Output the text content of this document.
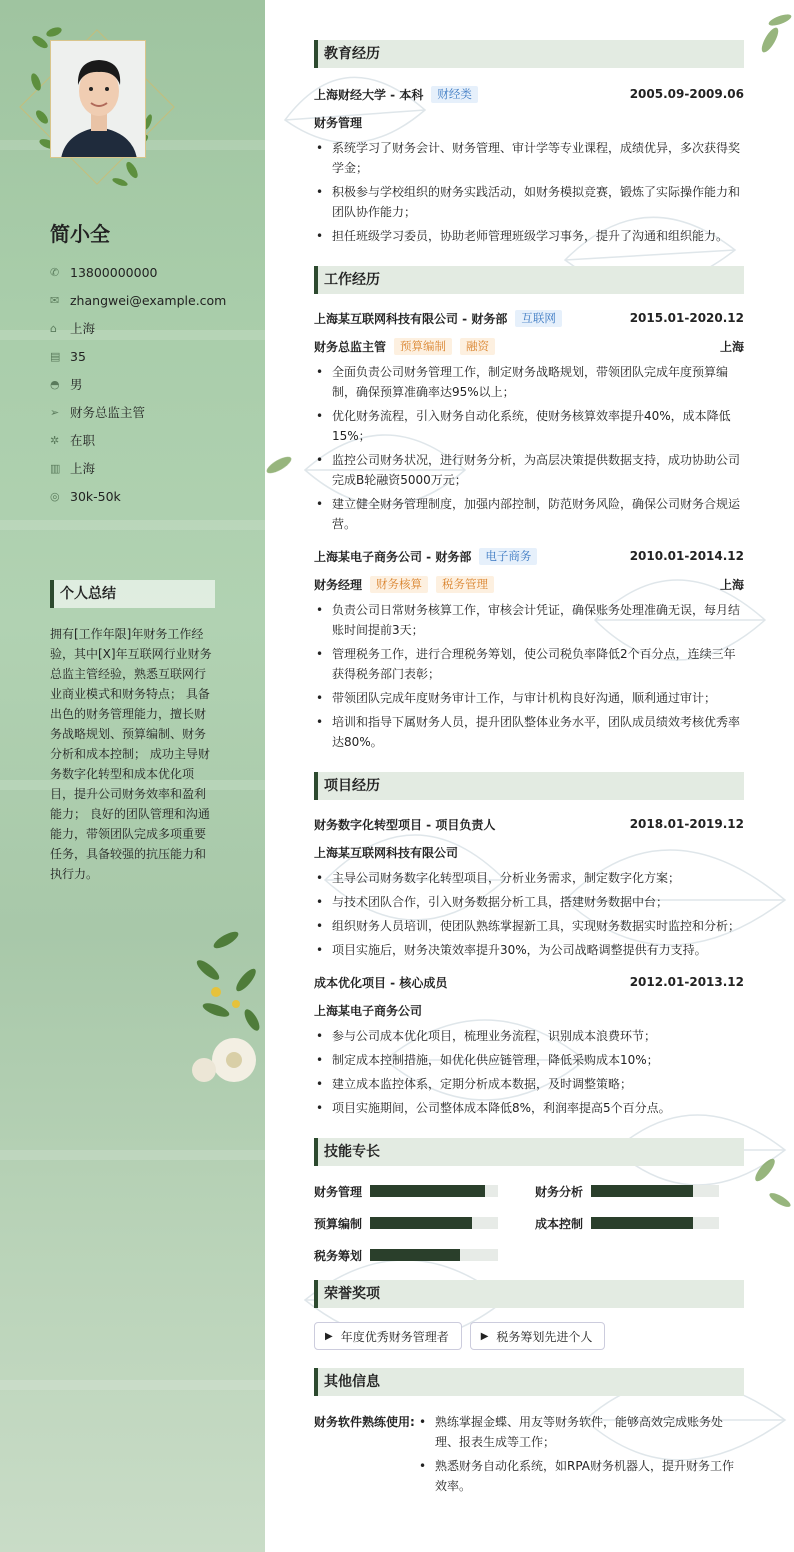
简小全
✆ 13800000000
✉ zhangwei@example.com
⌂	上海
▤ 35
◓ 男
➢ 财务总监主管
✲ 在职
▥ 上海
◎ 30k-50k
个人总结
拥有[工作年限]年财务工作经验，其中[X]年互联网行业财务总监主管经验，熟悉互联网行业商业模式和财务特点； 具备出色的财务管理能力，擅长财务战略规划、预算编制、财务分析和成本控制； 成功主导财务数字化转型和成本优化项目，提升公司财务效率和盈利能力； 良好的团队管理和沟通能力，带领团队完成多项重要任务，具备较强的抗压能力和执行力。
教育经历
上海财经大学 - 本科	财经类	2005.09-2009.06
财务管理
• 系统学习了财务会计、财务管理、审计学等专业课程，成绩优异，多次获得奖学金；
• 积极参与学校组织的财务实践活动，如财务模拟竞赛，锻炼了实际操作能力和团队协作能力；
• 担任班级学习委员，协助老师管理班级学习事务，提升了沟通和组织能力。
工作经历
上海某互联网科技有限公司 - 财务部	互联网	2015.01-2020.12
财务总监主管	预算编制	融资	上海
• 全面负责公司财务管理工作，制定财务战略规划，带领团队完成年度预算编制，确保预算准确率达95%以上；
• 优化财务流程，引入财务自动化系统，使财务核算效率提升40%，成本降低15%；
• 监控公司财务状况，进行财务分析，为高层决策提供数据支持，成功协助公司完成B轮融资5000万元；
• 建立健全财务管理制度，加强内部控制，防范财务风险，确保公司财务合规运营。
上海某电子商务公司 - 财务部	电子商务	2010.01-2014.12
财务经理	财务核算	税务管理	上海
• 负责公司日常财务核算工作，审核会计凭证，确保账务处理准确无误，每月结账时间提前3天；
• 管理税务工作，进行合理税务筹划，使公司税负率降低2个百分点，连续三年获得税务部门表彰；
• 带领团队完成年度财务审计工作，与审计机构良好沟通，顺利通过审计；
• 培训和指导下属财务人员，提升团队整体业务水平，团队成员绩效考核优秀率达80%。
项目经历
财务数字化转型项目 - 项目负责人	2018.01-2019.12
上海某互联网科技有限公司
• 主导公司财务数字化转型项目，分析业务需求，制定数字化方案；
• 与技术团队合作，引入财务数据分析工具，搭建财务数据中台；
• 组织财务人员培训，使团队熟练掌握新工具，实现财务数据实时监控和分析；
• 项目实施后，财务决策效率提升30%，为公司战略调整提供有力支持。
成本优化项目 - 核心成员	2012.01-2013.12
上海某电子商务公司
• 参与公司成本优化项目，梳理业务流程，识别成本浪费环节；
• 制定成本控制措施，如优化供应链管理，降低采购成本10%；
• 建立成本监控体系，定期分析成本数据，及时调整策略；
• 项目实施期间，公司整体成本降低8%，利润率提高5个百分点。
技能专长
财务管理	财务分析
预算编制	成本控制
税务筹划
荣誉奖项
▶ 年度优秀财务管理者	▶ 税务筹划先进个人
其他信息
财务软件熟练使用:
•	熟练掌握金蝶、用友等财务软件，能够高效完成账务处理、报表生成等工作；
• 熟悉财务自动化系统，如RPA财务机器人，提升财务工作效率。
